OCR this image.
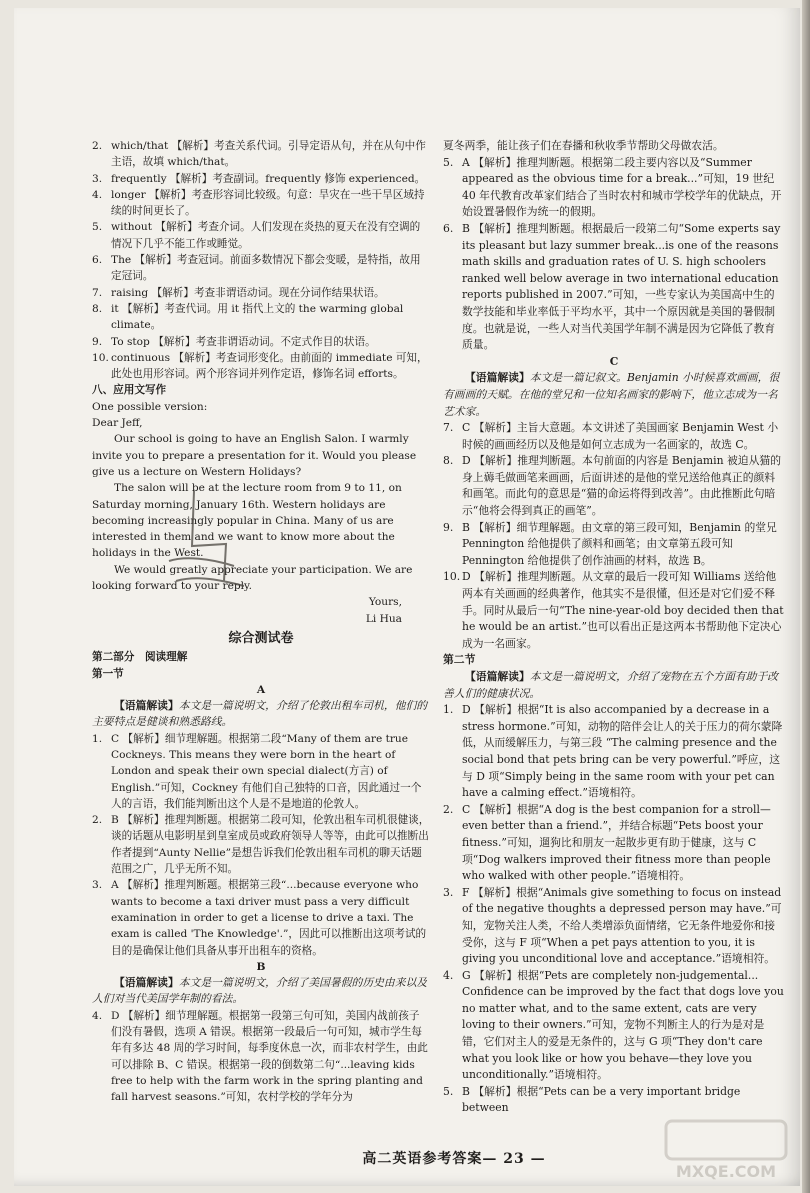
2. which/that 【解析】考查关系代词。引导定语从句，并在从句中作主语，故填 which/that。

3. frequently 【解析】考查副词。frequently 修饰 experienced。

4. longer 【解析】考查形容词比较级。句意：旱灾在一些干旱区域持续的时间更长了。

5. without 【解析】考查介词。人们发现在炎热的夏天在没有空调的情况下几乎不能工作或睡觉。

6. The 【解析】考查冠词。前面多数情况下都会变暖，是特指，故用定冠词。

7. raising 【解析】考查非谓语动词。现在分词作结果状语。

8. it 【解析】考查代词。用 it 指代上文的 the warming global climate。

9. To stop 【解析】考查非谓语动词。不定式作目的状语。

10. continuous 【解析】考查词形变化。由前面的 immediate 可知，此处也用形容词。两个形容词并列作定语，修饰名词 efforts。

八、应用文写作

One possible version:

Dear Jeff,

Our school is going to have an English Salon. I warmly invite you to prepare a presentation for it. Would you please give us a lecture on Western Holidays?

The salon will be at the lecture room from 9 to 11, on Saturday morning, January 16th. Western holidays are becoming increasingly popular in China. Many of us are interested in them and we want to know more about the holidays in the West.

We would greatly appreciate your participation. We are looking forward to your reply.

Yours,

Li Hua

综合测试卷

第二部分　阅读理解

第一节

A

【语篇解读】本文是一篇说明文，介绍了伦敦出租车司机，他们的主要特点是健谈和熟悉路线。

1. C 【解析】细节理解题。根据第二段“Many of them are true Cockneys. This means they were born in the heart of London and speak their own special dialect(方言) of English.”可知，Cockney 有他们自己独特的口音，因此通过一个人的言语，我们能判断出这个人是不是地道的伦敦人。

2. B 【解析】推理判断题。根据第二段可知，伦敦出租车司机很健谈，谈的话题从电影明星到皇室成员或政府领导人等等，由此可以推断出作者提到“Aunty Nellie”是想告诉我们伦敦出租车司机的聊天话题范围之广，几乎无所不知。

3. A 【解析】推理判断题。根据第三段“...because everyone who wants to become a taxi driver must pass a very difficult examination in order to get a license to drive a taxi. The exam is called 'The Knowledge'.”，因此可以推断出这项考试的目的是确保让他们具备从事开出租车的资格。

B

【语篇解读】本文是一篇说明文，介绍了美国暑假的历史由来以及人们对当代美国学年制的看法。

4. D 【解析】细节理解题。根据第一段第三句可知，美国内战前孩子们没有暑假，选项 A 错误。根据第一段最后一句可知，城市学生每年有多达 48 周的学习时间，每季度休息一次，而非农村学生，由此可以排除 B、C 错误。根据第一段的倒数第二句“...leaving kids free to help with the farm work in the spring planting and fall harvest seasons.”可知，农村学校的学年分为

夏冬两季，能让孩子们在春播和秋收季节帮助父母做农活。

5. A 【解析】推理判断题。根据第二段主要内容以及“Summer appeared as the obvious time for a break...”可知，19 世纪 40 年代教育改革家们结合了当时农村和城市学校学年的优缺点，开始设置暑假作为统一的假期。

6. B 【解析】推理判断题。根据最后一段第二句“Some experts say its pleasant but lazy summer break...is one of the reasons math skills and graduation rates of U. S. high schoolers ranked well below average in two international education reports published in 2007.”可知，一些专家认为美国高中生的数学技能和毕业率低于平均水平，其中一个原因就是美国的暑假制度。也就是说，一些人对当代美国学年制不满是因为它降低了教育质量。

C

【语篇解读】本文是一篇记叙文。Benjamin 小时候喜欢画画，很有画画的天赋。在他的堂兄和一位知名画家的影响下，他立志成为一名艺术家。

7. C 【解析】主旨大意题。本文讲述了美国画家 Benjamin West 小时候的画画经历以及他是如何立志成为一名画家的，故选 C。

8. D 【解析】推理判断题。本句前面的内容是 Benjamin 被迫从猫的身上薅毛做画笔来画画，后面讲述的是他的堂兄送给他真正的颜料和画笔。而此句的意思是“猫的命运将得到改善”。由此推断此句暗示“他将会得到真正的画笔”。

9. B 【解析】细节理解题。由文章的第三段可知，Benjamin 的堂兄 Pennington 给他提供了颜料和画笔；由文章第五段可知 Pennington 给他提供了创作油画的材料，故选 B。

10. D 【解析】推理判断题。从文章的最后一段可知 Williams 送给他两本有关画画的经典著作，他其实不是很懂，但还是对它们爱不释手。同时从最后一句“The nine-year-old boy decided then that he would be an artist.”也可以看出正是这两本书帮助他下定决心成为一名画家。

第二节

【语篇解读】本文是一篇说明文，介绍了宠物在五个方面有助于改善人们的健康状况。

1. D 【解析】根据“It is also accompanied by a decrease in a stress hormone.”可知，动物的陪伴会让人的关于压力的荷尔蒙降低，从而缓解压力，与第三段 “The calming presence and the social bond that pets bring can be very powerful.”呼应，这与 D 项“Simply being in the same room with your pet can have a calming effect.”语境相符。

2. C 【解析】根据“A dog is the best companion for a stroll—even better than a friend.”，并结合标题“Pets boost your fitness.”可知，遛狗比和朋友一起散步更有助于健康，这与 C 项“Dog walkers improved their fitness more than people who walked with other people.”语境相符。

3. F 【解析】根据“Animals give something to focus on instead of the negative thoughts a depressed person may have.”可知，宠物关注人类，不给人类增添负面情绪，它无条件地爱你和接受你，这与 F 项“When a pet pays attention to you, it is giving you unconditional love and acceptance.”语境相符。

4. G 【解析】根据“Pets are completely non-judgemental... Confidence can be improved by the fact that dogs love you no matter what, and to the same extent, cats are very loving to their owners.”可知，宠物不判断主人的行为是对是错，它们对主人的爱是无条件的，这与 G 项“They don't care what you look like or how you behave—they love you unconditionally.”语境相符。

5. B 【解析】根据“Pets can be a very important bridge between

高二英语参考答案— 23 —
MXQE.COM
